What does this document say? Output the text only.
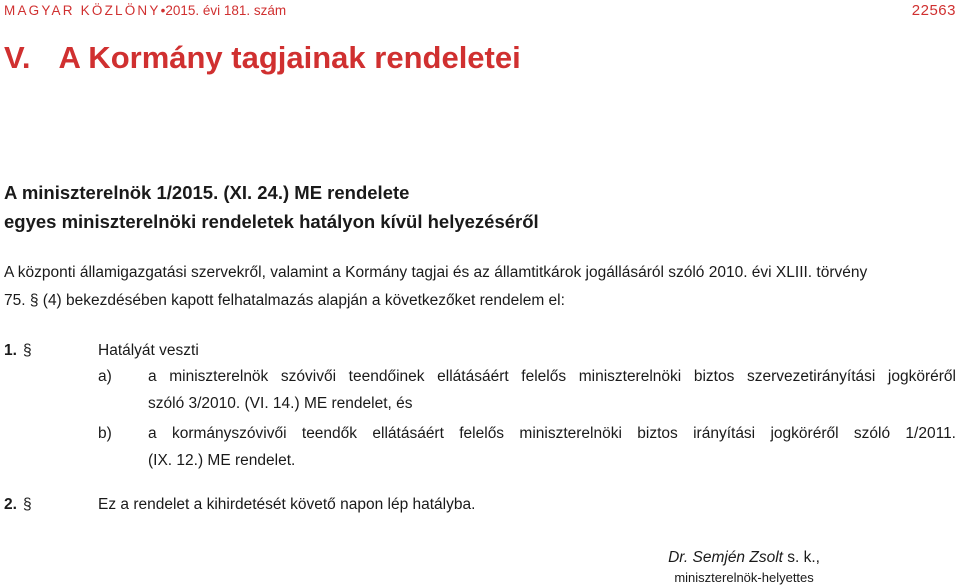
MAGYAR KÖZLÖNY•2015. évi 181. szám	22563
V. A Kormány tagjainak rendeletei
A miniszterelnök 1/2015. (XI. 24.) ME rendelete
egyes miniszterelnöki rendeletek hatályon kívül helyezéséről
A központi államigazgatási szervekről, valamint a Kormány tagjai és az államtitkárok jogállásáról szóló 2010. évi XLIII. törvény
75. § (4) bekezdésében kapott felhatalmazás alapján a következőket rendelem el:
1. §	Hatályát veszti
a)	a miniszterelnök szóvivői teendőinek ellátásáért felelős miniszterelnöki biztos szervezetirányítási jogköréről
szóló 3/2010. (VI. 14.) ME rendelet, és
b)	a kormányszóvivői teendők ellátásáért felelős miniszterelnöki biztos irányítási jogköréről szóló 1/2011.
(IX. 12.) ME rendelet.
2. §	Ez a rendelet a kihirdetését követő napon lép hatályba.
Dr. Semjén Zsolt s. k.,
miniszterelnök-helyettes
